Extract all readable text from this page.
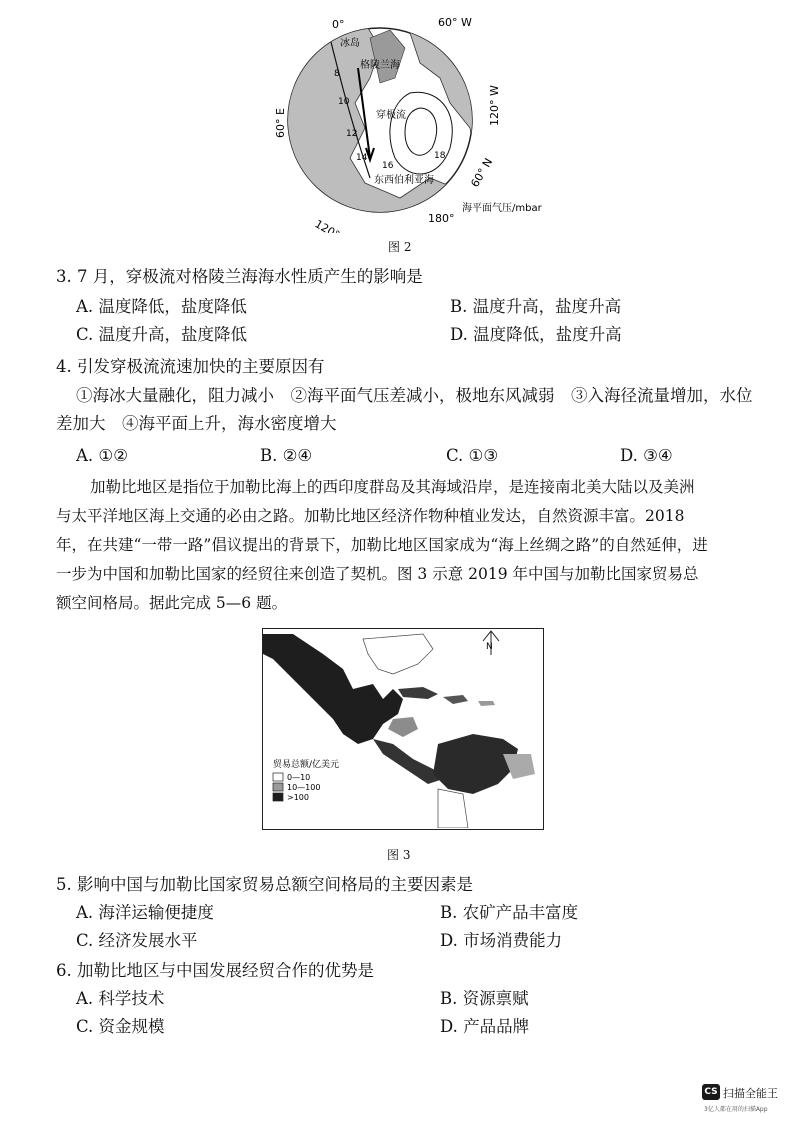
0°	60° W
120° W
60° N
180°
120° E
60° E
冰岛
格陵兰海
穿极流
东西伯利亚海
8
10
12
14
16
18
海平面气压/mbar
图 2
3. 7 月，穿极流对格陵兰海海水性质产生的影响是
A. 温度降低，盐度降低	B. 温度升高，盐度升高
C. 温度升高，盐度降低	D. 温度降低，盐度升高
4. 引发穿极流流速加快的主要原因有
①海冰大量融化，阻力减小　②海平面气压差减小，极地东风减弱　③入海径流量增加，水位
差加大　④海平面上升，海水密度增大
A. ①②	B. ②④	C. ①③	D. ③④
加勒比地区是指位于加勒比海上的西印度群岛及其海域沿岸，是连接南北美大陆以及美洲
与太平洋地区海上交通的必由之路。加勒比地区经济作物种植业发达，自然资源丰富。2018
年，在共建“一带一路”倡议提出的背景下，加勒比地区国家成为“海上丝绸之路”的自然延伸，进
一步为中国和加勒比国家的经贸往来创造了契机。图 3 示意 2019 年中国与加勒比国家贸易总
额空间格局。据此完成 5—6 题。
N
贸易总额/亿美元
0—10
10—100
>100
图 3
5. 影响中国与加勒比国家贸易总额空间格局的主要因素是
A. 海洋运输便捷度	B. 农矿产品丰富度
C. 经济发展水平	D. 市场消费能力
6. 加勒比地区与中国发展经贸合作的优势是
A. 科学技术	B. 资源禀赋
C. 资金规模	D. 产品品牌
CS 扫描全能王
3亿人都在用的扫描App
